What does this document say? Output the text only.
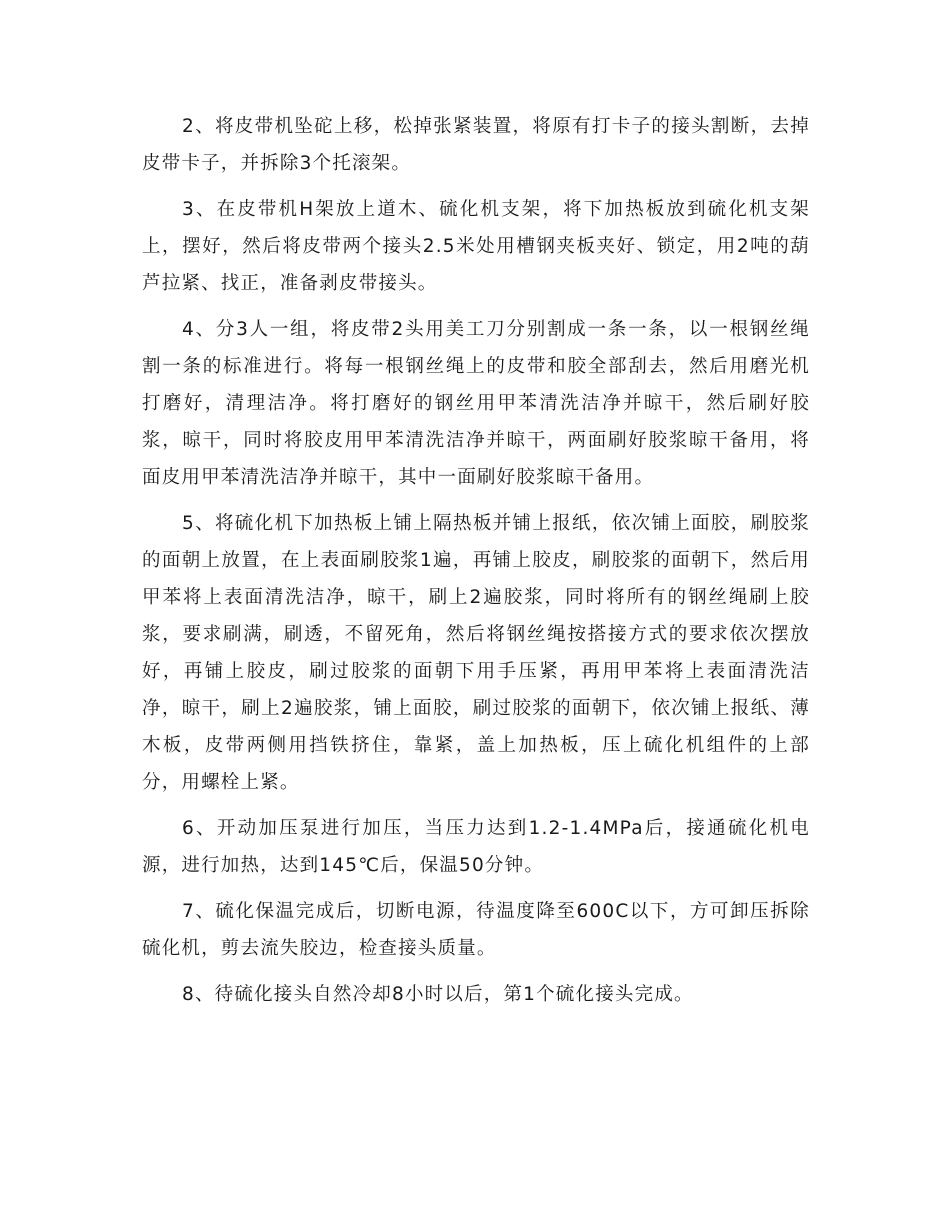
2、将皮带机坠砣上移，松掉张紧装置，将原有打卡子的接头割断，去掉皮带卡子，并拆除3个托滚架。

3、在皮带机H架放上道木、硫化机支架，将下加热板放到硫化机支架上，摆好，然后将皮带两个接头2.5米处用槽钢夹板夹好、锁定，用2吨的葫芦拉紧、找正，准备剥皮带接头。

4、分3人一组，将皮带2头用美工刀分别割成一条一条，以一根钢丝绳割一条的标准进行。将每一根钢丝绳上的皮带和胶全部刮去，然后用磨光机打磨好，清理洁净。将打磨好的钢丝用甲苯清洗洁净并晾干，然后刷好胶浆，晾干，同时将胶皮用甲苯清洗洁净并晾干，两面刷好胶浆晾干备用，将面皮用甲苯清洗洁净并晾干，其中一面刷好胶浆晾干备用。

5、将硫化机下加热板上铺上隔热板并铺上报纸，依次铺上面胶，刷胶浆的面朝上放置，在上表面刷胶浆1遍，再铺上胶皮，刷胶浆的面朝下，然后用甲苯将上表面清洗洁净，晾干，刷上2遍胶浆，同时将所有的钢丝绳刷上胶浆，要求刷满，刷透，不留死角，然后将钢丝绳按搭接方式的要求依次摆放好，再铺上胶皮，刷过胶浆的面朝下用手压紧，再用甲苯将上表面清洗洁净，晾干，刷上2遍胶浆，铺上面胶，刷过胶浆的面朝下，依次铺上报纸、薄木板，皮带两侧用挡铁挤住，靠紧，盖上加热板，压上硫化机组件的上部分，用螺栓上紧。

6、开动加压泵进行加压，当压力达到1.2-1.4MPa后，接通硫化机电源，进行加热，达到145℃后，保温50分钟。

7、硫化保温完成后，切断电源，待温度降至600C以下，方可卸压拆除硫化机，剪去流失胶边，检查接头质量。

8、待硫化接头自然冷却8小时以后，第1个硫化接头完成。
